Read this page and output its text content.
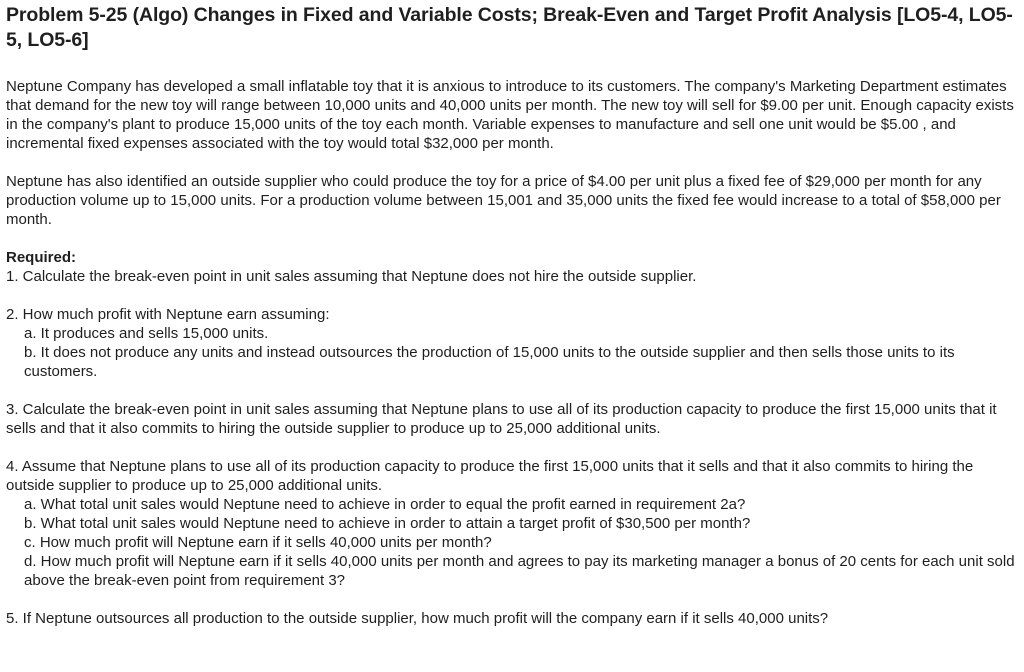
Problem 5-25 (Algo) Changes in Fixed and Variable Costs; Break-Even and Target Profit Analysis [LO5-4, LO5-5, LO5-6]

Neptune Company has developed a small inflatable toy that it is anxious to introduce to its customers. The company's Marketing Department estimates that demand for the new toy will range between 10,000 units and 40,000 units per month. The new toy will sell for $9.00 per unit. Enough capacity exists in the company's plant to produce 15,000 units of the toy each month. Variable expenses to manufacture and sell one unit would be $5.00 , and incremental fixed expenses associated with the toy would total $32,000 per month.

Neptune has also identified an outside supplier who could produce the toy for a price of $4.00 per unit plus a fixed fee of $29,000 per month for any production volume up to 15,000 units. For a production volume between 15,001 and 35,000 units the fixed fee would increase to a total of $58,000 per month.

Required:

1. Calculate the break-even point in unit sales assuming that Neptune does not hire the outside supplier.

2. How much profit with Neptune earn assuming:

a. It produces and sells 15,000 units.
b. It does not produce any units and instead outsources the production of 15,000 units to the outside supplier and then sells those units to its customers.

3. Calculate the break-even point in unit sales assuming that Neptune plans to use all of its production capacity to produce the first 15,000 units that it sells and that it also commits to hiring the outside supplier to produce up to 25,000 additional units.

4. Assume that Neptune plans to use all of its production capacity to produce the first 15,000 units that it sells and that it also commits to hiring the outside supplier to produce up to 25,000 additional units.

a. What total unit sales would Neptune need to achieve in order to equal the profit earned in requirement 2a?
b. What total unit sales would Neptune need to achieve in order to attain a target profit of $30,500 per month?
c. How much profit will Neptune earn if it sells 40,000 units per month?
d. How much profit will Neptune earn if it sells 40,000 units per month and agrees to pay its marketing manager a bonus of 20 cents for each unit sold above the break-even point from requirement 3?

5. If Neptune outsources all production to the outside supplier, how much profit will the company earn if it sells 40,000 units?
